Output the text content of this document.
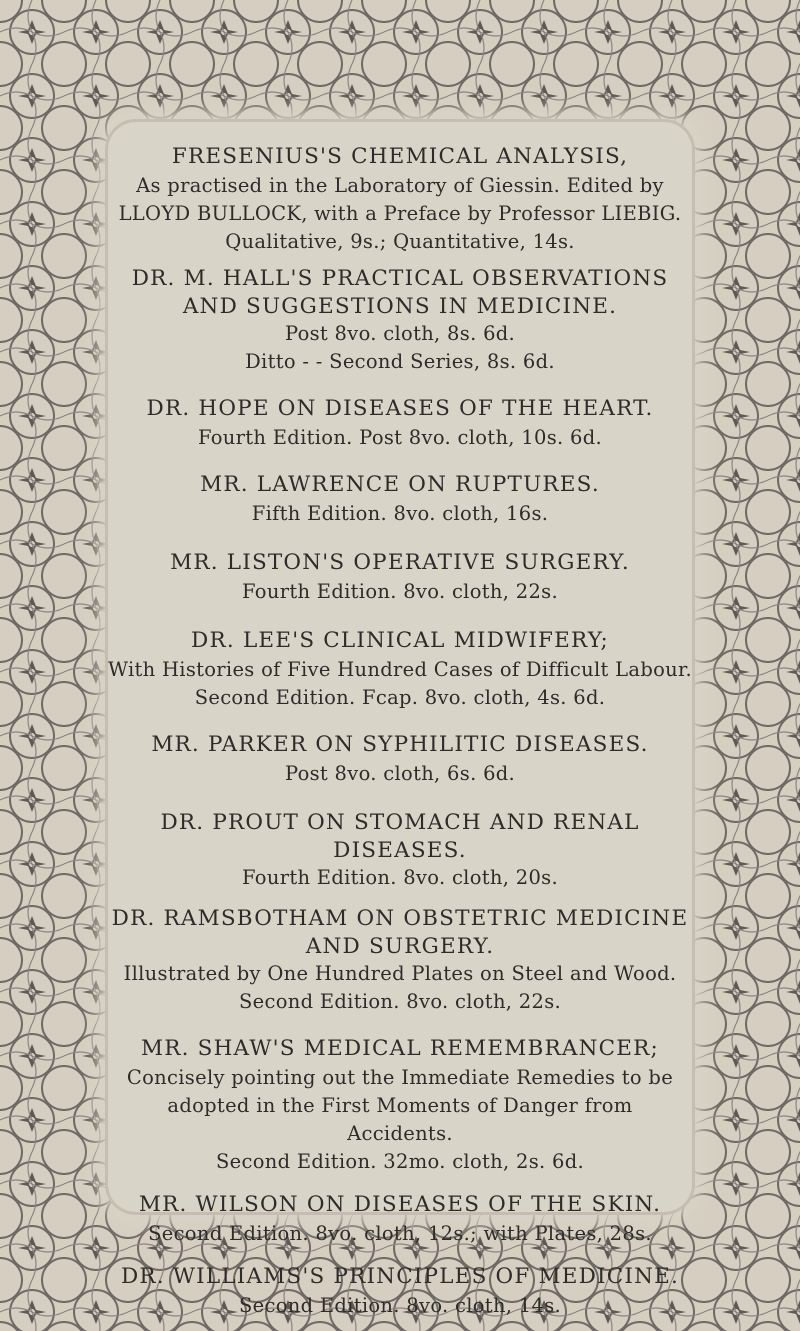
FRESENIUS'S CHEMICAL ANALYSIS,
As practised in the Laboratory of Giessin. Edited by
LLOYD BULLOCK, with a Preface by Professor LIEBIG.
Qualitative, 9s.; Quantitative, 14s.
DR. M. HALL'S PRACTICAL OBSERVATIONS
AND SUGGESTIONS IN MEDICINE.
Post 8vo. cloth, 8s. 6d.
Ditto - - Second Series, 8s. 6d.
DR. HOPE ON DISEASES OF THE HEART.
Fourth Edition. Post 8vo. cloth, 10s. 6d.
MR. LAWRENCE ON RUPTURES.
Fifth Edition. 8vo. cloth, 16s.
MR. LISTON'S OPERATIVE SURGERY.
Fourth Edition. 8vo. cloth, 22s.
DR. LEE'S CLINICAL MIDWIFERY;
With Histories of Five Hundred Cases of Difficult Labour.
Second Edition. Fcap. 8vo. cloth, 4s. 6d.
MR. PARKER ON SYPHILITIC DISEASES.
Post 8vo. cloth, 6s. 6d.
DR. PROUT ON STOMACH AND RENAL
DISEASES.
Fourth Edition. 8vo. cloth, 20s.
DR. RAMSBOTHAM ON OBSTETRIC MEDICINE
AND SURGERY.
Illustrated by One Hundred Plates on Steel and Wood.
Second Edition. 8vo. cloth, 22s.
MR. SHAW'S MEDICAL REMEMBRANCER;
Concisely pointing out the Immediate Remedies to be
adopted in the First Moments of Danger from
Accidents.
Second Edition. 32mo. cloth, 2s. 6d.
MR. WILSON ON DISEASES OF THE SKIN.
Second Edition. 8vo. cloth, 12s.; with Plates, 28s.
DR. WILLIAMS'S PRINCIPLES OF MEDICINE.
Second Edition. 8vo. cloth, 14s.
